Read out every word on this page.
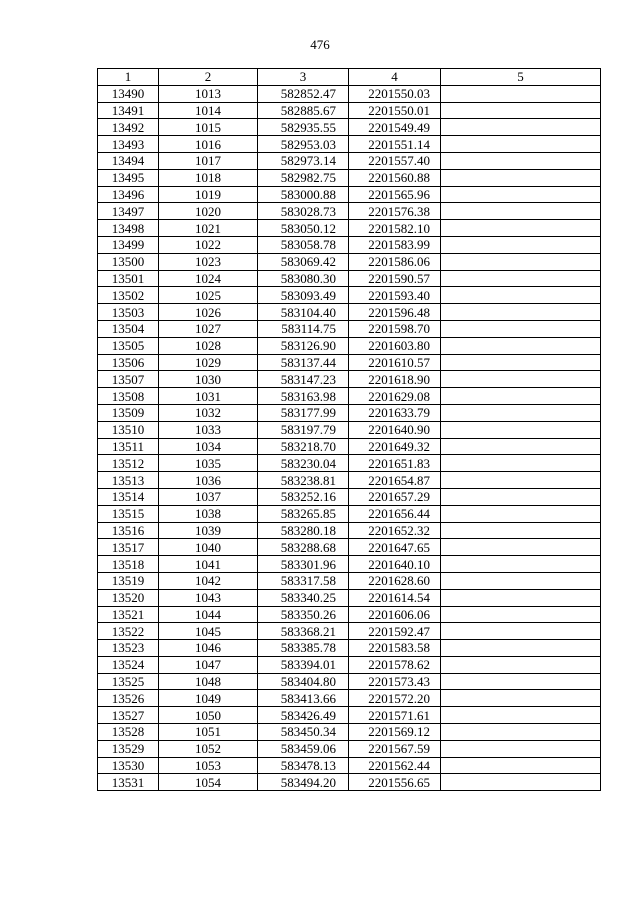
476
1	2	3	4	5
13490	1013	582852.47	2201550.03	
13491	1014	582885.67	2201550.01	
13492	1015	582935.55	2201549.49	
13493	1016	582953.03	2201551.14	
13494	1017	582973.14	2201557.40	
13495	1018	582982.75	2201560.88	
13496	1019	583000.88	2201565.96	
13497	1020	583028.73	2201576.38	
13498	1021	583050.12	2201582.10	
13499	1022	583058.78	2201583.99	
13500	1023	583069.42	2201586.06	
13501	1024	583080.30	2201590.57	
13502	1025	583093.49	2201593.40	
13503	1026	583104.40	2201596.48	
13504	1027	583114.75	2201598.70	
13505	1028	583126.90	2201603.80	
13506	1029	583137.44	2201610.57	
13507	1030	583147.23	2201618.90	
13508	1031	583163.98	2201629.08	
13509	1032	583177.99	2201633.79	
13510	1033	583197.79	2201640.90	
13511	1034	583218.70	2201649.32	
13512	1035	583230.04	2201651.83	
13513	1036	583238.81	2201654.87	
13514	1037	583252.16	2201657.29	
13515	1038	583265.85	2201656.44	
13516	1039	583280.18	2201652.32	
13517	1040	583288.68	2201647.65	
13518	1041	583301.96	2201640.10	
13519	1042	583317.58	2201628.60	
13520	1043	583340.25	2201614.54	
13521	1044	583350.26	2201606.06	
13522	1045	583368.21	2201592.47	
13523	1046	583385.78	2201583.58	
13524	1047	583394.01	2201578.62	
13525	1048	583404.80	2201573.43	
13526	1049	583413.66	2201572.20	
13527	1050	583426.49	2201571.61	
13528	1051	583450.34	2201569.12	
13529	1052	583459.06	2201567.59	
13530	1053	583478.13	2201562.44	
13531	1054	583494.20	2201556.65	
